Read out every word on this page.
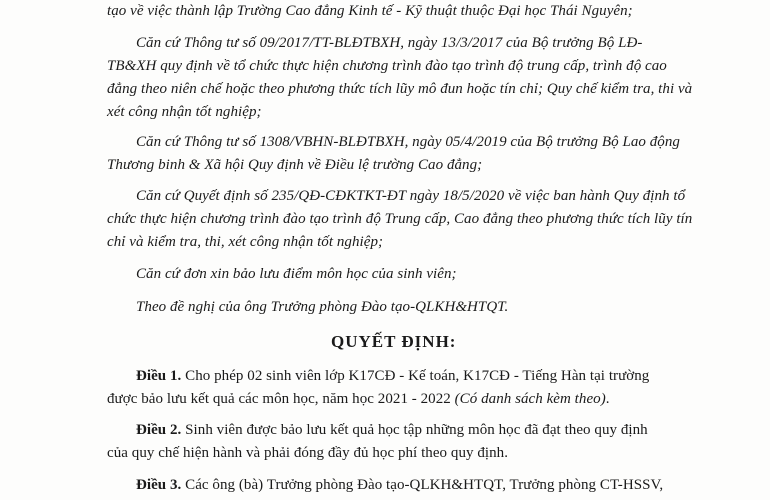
tạo về việc thành lập Trường Cao đẳng Kinh tế - Kỹ thuật thuộc Đại học Thái Nguyên;
Căn cứ Thông tư số 09/2017/TT-BLĐTBXH, ngày 13/3/2017 của Bộ trưởng Bộ LĐ-
TB&XH quy định về tổ chức thực hiện chương trình đào tạo trình độ trung cấp, trình độ cao
đẳng theo niên chế hoặc theo phương thức tích lũy mô đun hoặc tín chỉ; Quy chế kiểm tra, thi và
xét công nhận tốt nghiệp;
Căn cứ Thông tư số 1308/VBHN-BLĐTBXH, ngày 05/4/2019 của Bộ trưởng Bộ Lao động
Thương binh & Xã hội Quy định về Điều lệ trường Cao đẳng;
Căn cứ Quyết định số 235/QĐ-CĐKTKT-ĐT ngày 18/5/2020 về việc ban hành Quy định tổ
chức thực hiện chương trình đào tạo trình độ Trung cấp, Cao đẳng theo phương thức tích lũy tín
chỉ và kiểm tra, thi, xét công nhận tốt nghiệp;
Căn cứ đơn xin bảo lưu điểm môn học của sinh viên;
Theo đề nghị của ông Trưởng phòng Đào tạo-QLKH&HTQT.
QUYẾT ĐỊNH:
Điều 1. Cho phép 02 sinh viên lớp K17CĐ - Kế toán, K17CĐ - Tiếng Hàn tại trường
được bảo lưu kết quả các môn học, năm học 2021 - 2022 (Có danh sách kèm theo).
Điều 2. Sinh viên được bảo lưu kết quả học tập những môn học đã đạt theo quy định
của quy chế hiện hành và phải đóng đầy đủ học phí theo quy định.
Điều 3. Các ông (bà) Trưởng phòng Đào tạo-QLKH&HTQT, Trưởng phòng CT-HSSV,
